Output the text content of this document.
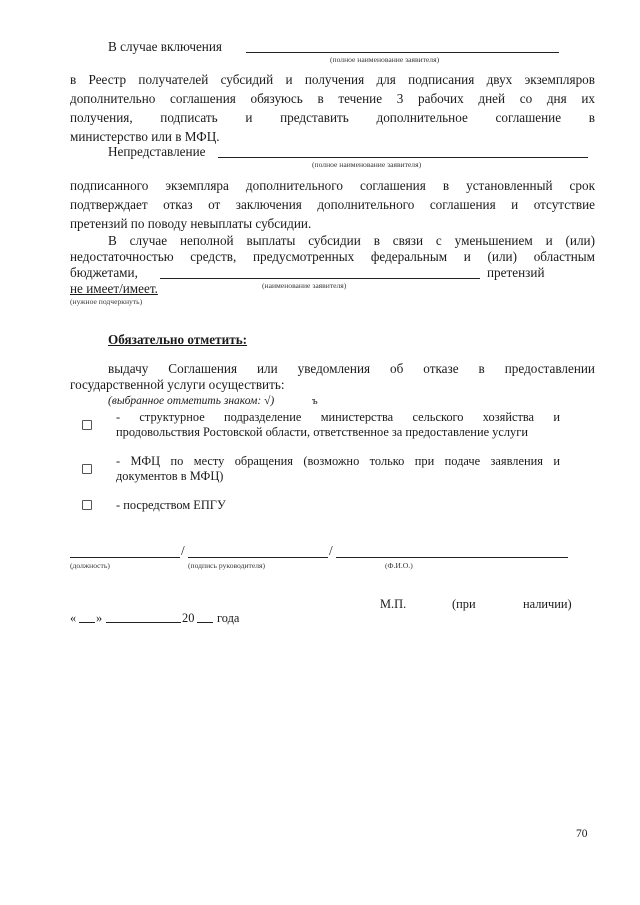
В случае включения
(полное наименование заявителя)
в Реестр получателей субсидий и получения для подписания двух экземпляров
дополнительно соглашения обязуюсь в течение 3 рабочих дней со дня их
получения, подписать и представить дополнительное соглашение в
министерство или в МФЦ.
Непредставление
(полное наименование заявителя)
подписанного экземпляра дополнительного соглашения в установленный срок
подтверждает отказ от заключения дополнительного соглашения и отсутствие
претензий по поводу невыплаты субсидии.
В случае неполной выплаты субсидии в связи с уменьшением и (или)
недостаточностью средств, предусмотренных федеральным и (или) областным
бюджетами,	претензий
(наименование заявителя)
не имеет/имеет.
(нужное подчеркнуть)
Обязательно отметить:
выдачу Соглашения или уведомления об отказе в предоставлении
государственной услуги осуществить:
(выбранное отметить знаком: √)	ъ
- структурное подразделение министерства сельского хозяйства и
продовольствия Ростовской области, ответственное за предоставление услуги
- МФЦ по месту обращения (возможно только при подаче заявления и
документов в МФЦ)
- посредством ЕПГУ
/	/
(должность)	(подпись руководителя)	(Ф.И.О.)
М.П.	(при	наличии)
« »	20 года
70
